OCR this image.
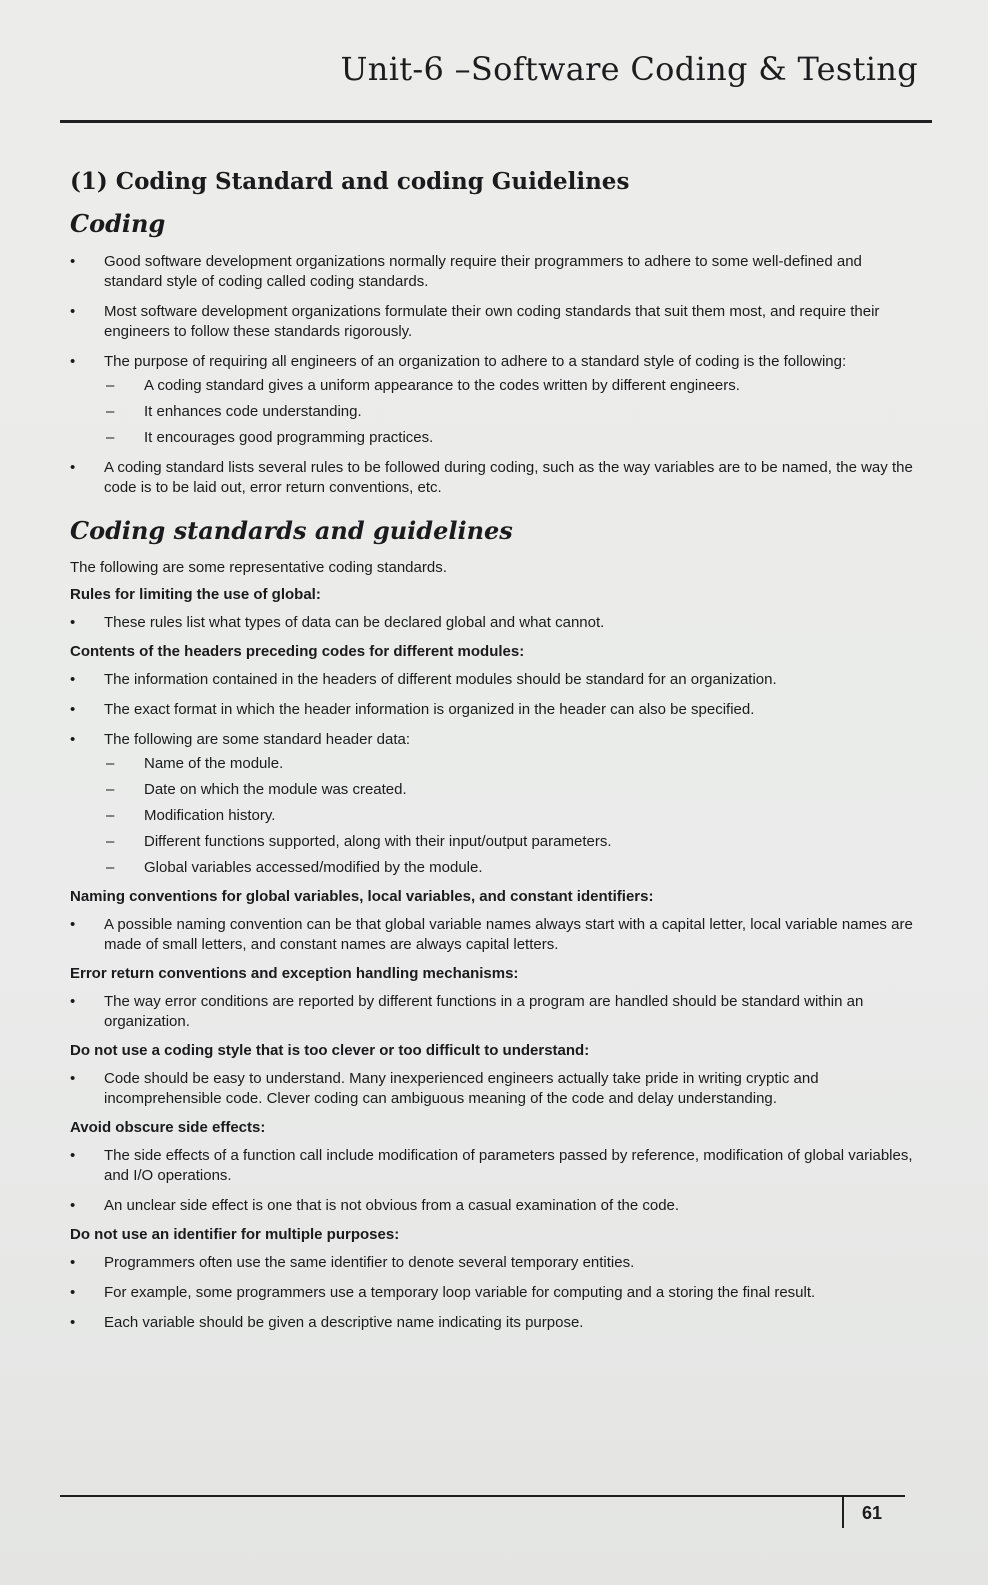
Unit-6 –Software Coding & Testing
(1) Coding Standard and coding Guidelines
Coding
• Good software development organizations normally require their programmers to adhere to some well-defined and standard style of coding called coding standards.
• Most software development organizations formulate their own coding standards that suit them most, and require their engineers to follow these standards rigorously.
• The purpose of requiring all engineers of an organization to adhere to a standard style of coding is the following:
– A coding standard gives a uniform appearance to the codes written by different engineers.
– It enhances code understanding.
– It encourages good programming practices.
• A coding standard lists several rules to be followed during coding, such as the way variables are to be named, the way the code is to be laid out, error return conventions, etc.
Coding standards and guidelines
The following are some representative coding standards.
Rules for limiting the use of global:
• These rules list what types of data can be declared global and what cannot.
Contents of the headers preceding codes for different modules:
• The information contained in the headers of different modules should be standard for an organization.
• The exact format in which the header information is organized in the header can also be specified.
• The following are some standard header data:
– Name of the module.
– Date on which the module was created.
– Modification history.
– Different functions supported, along with their input/output parameters.
– Global variables accessed/modified by the module.
Naming conventions for global variables, local variables, and constant identifiers:
• A possible naming convention can be that global variable names always start with a capital letter, local variable names are made of small letters, and constant names are always capital letters.
Error return conventions and exception handling mechanisms:
• The way error conditions are reported by different functions in a program are handled should be standard within an organization.
Do not use a coding style that is too clever or too difficult to understand:
• Code should be easy to understand. Many inexperienced engineers actually take pride in writing cryptic and incomprehensible code. Clever coding can ambiguous meaning of the code and delay understanding.
Avoid obscure side effects:
• The side effects of a function call include modification of parameters passed by reference, modification of global variables, and I/O operations.
• An unclear side effect is one that is not obvious from a casual examination of the code.
Do not use an identifier for multiple purposes:
• Programmers often use the same identifier to denote several temporary entities.
• For example, some programmers use a temporary loop variable for computing and a storing the final result.
• Each variable should be given a descriptive name indicating its purpose.
61
